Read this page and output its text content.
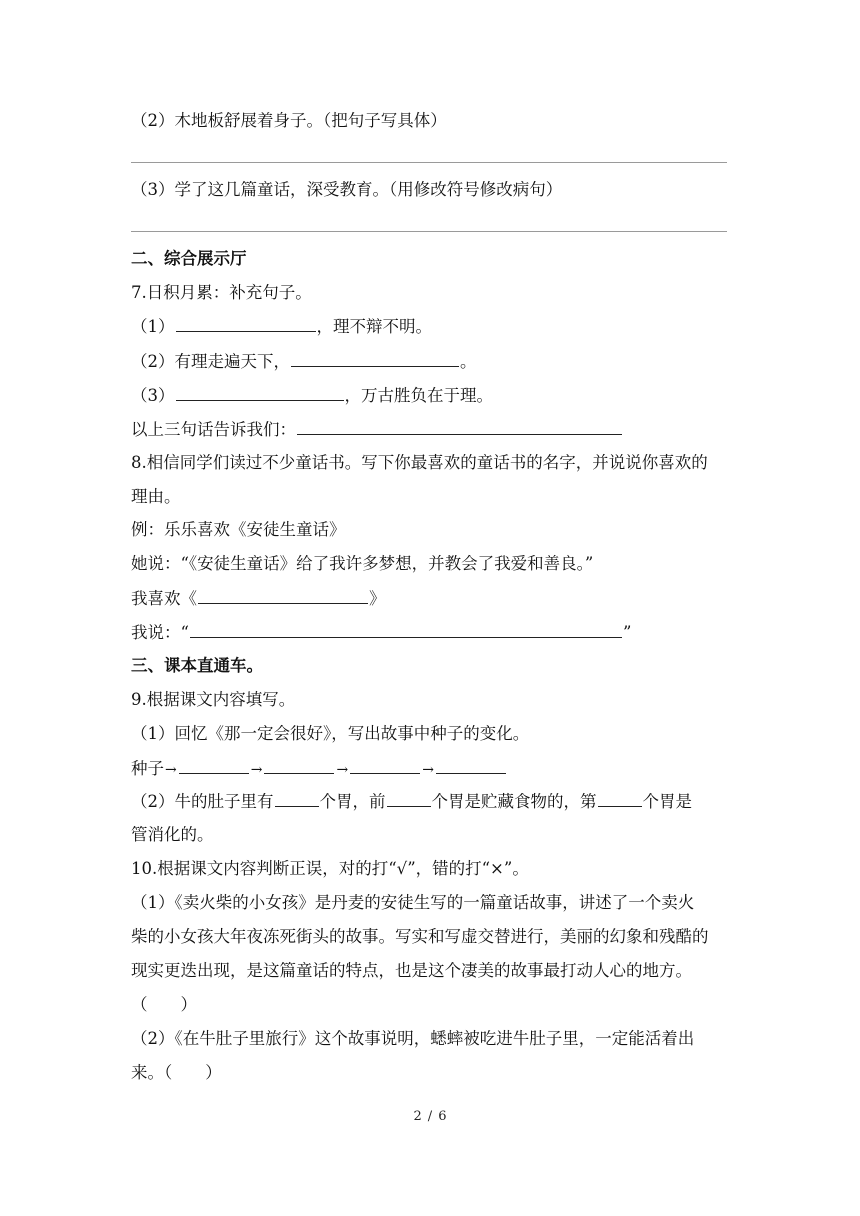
（2）木地板舒展着身子。（把句子写具体）
（3）学了这几篇童话，深受教育。（用修改符号修改病句）
二、综合展示厅
7.日积月累：补充句子。
（1）	，理不辩不明。
（2）有理走遍天下，	。
（3）	，万古胜负在于理。
以上三句话告诉我们：
8.相信同学们读过不少童话书。写下你最喜欢的童话书的名字，并说说你喜欢的
理由。
例：乐乐喜欢《安徒生童话》
她说：“《安徒生童话》给了我许多梦想，并教会了我爱和善良。”
我喜欢《	》
我说：“	”
三、课本直通车。
9.根据课文内容填写。
（1）回忆《那一定会很好》，写出故事中种子的变化。
种子→	→	→	→
（2）牛的肚子里有	个胃，前	个胃是贮藏食物的，第	个胃是
管消化的。
10.根据课文内容判断正误，对的打“√”，错的打“×”。
（1）《卖火柴的小女孩》是丹麦的安徒生写的一篇童话故事，讲述了一个卖火
柴的小女孩大年夜冻死街头的故事。写实和写虚交替进行，美丽的幻象和残酷的
现实更迭出现，是这篇童话的特点，也是这个凄美的故事最打动人心的地方。
（　　）
（2）《在牛肚子里旅行》这个故事说明，蟋蟀被吃进牛肚子里，一定能活着出
来。（　　）
2 / 6
